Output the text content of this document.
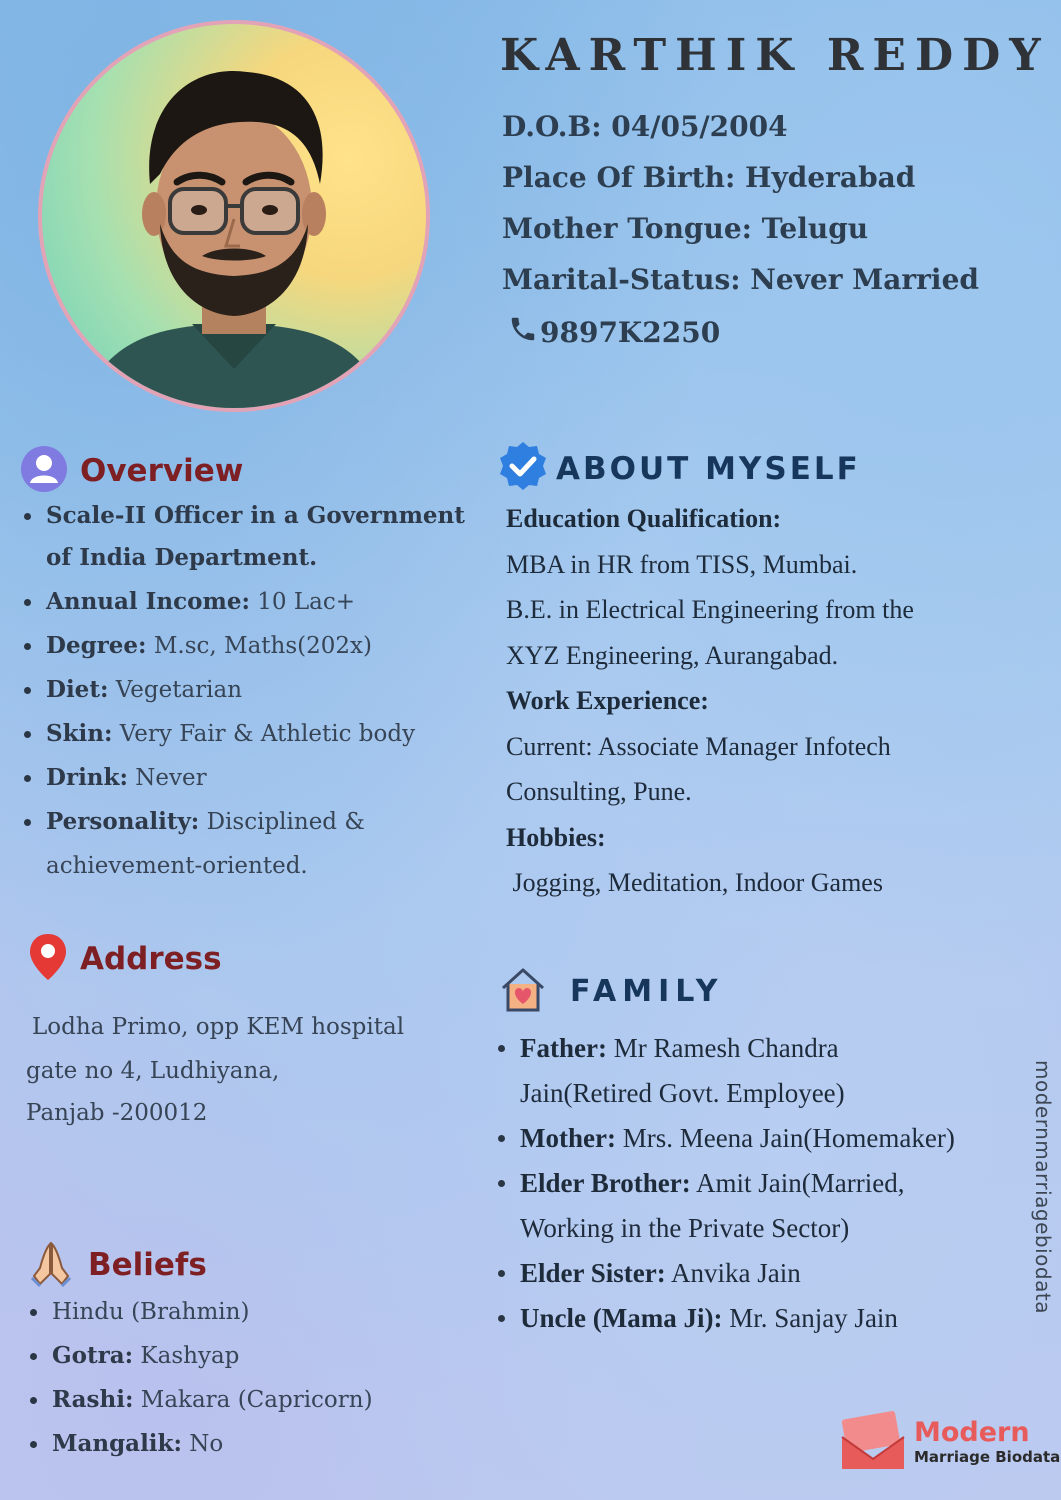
KARTHIK REDDY
D.O.B: 04/05/2004
Place Of Birth: Hyderabad
Mother Tongue: Telugu
Marital-Status: Never Married
9897K2250
Overview
Scale-II Officer in a Government
of India Department.
Annual Income: 10 Lac+
Degree: M.sc, Maths(202x)
Diet: Vegetarian
Skin: Very Fair & Athletic body
Drink: Never
Personality: Disciplined &
achievement-oriented.
Address
Lodha Primo, opp KEM hospital
gate no 4, Ludhiyana,
Panjab -200012
Beliefs
Hindu (Brahmin)
Gotra: Kashyap
Rashi: Makara (Capricorn)
Mangalik: No
ABOUT MYSELF
Education Qualification:
MBA in HR from TISS, Mumbai.
B.E. in Electrical Engineering from the
XYZ Engineering, Aurangabad.
Work Experience:
Current: Associate Manager Infotech
Consulting, Pune.
Hobbies:
Jogging, Meditation, Indoor Games
FAMILY
Father: Mr Ramesh Chandra
Jain(Retired Govt. Employee)
Mother: Mrs. Meena Jain(Homemaker)
Elder Brother: Amit Jain(Married,
Working in the Private Sector)
Elder Sister: Anvika Jain
Uncle (Mama Ji): Mr. Sanjay Jain
modernmarriagebiodata
Modern
Marriage Biodata
